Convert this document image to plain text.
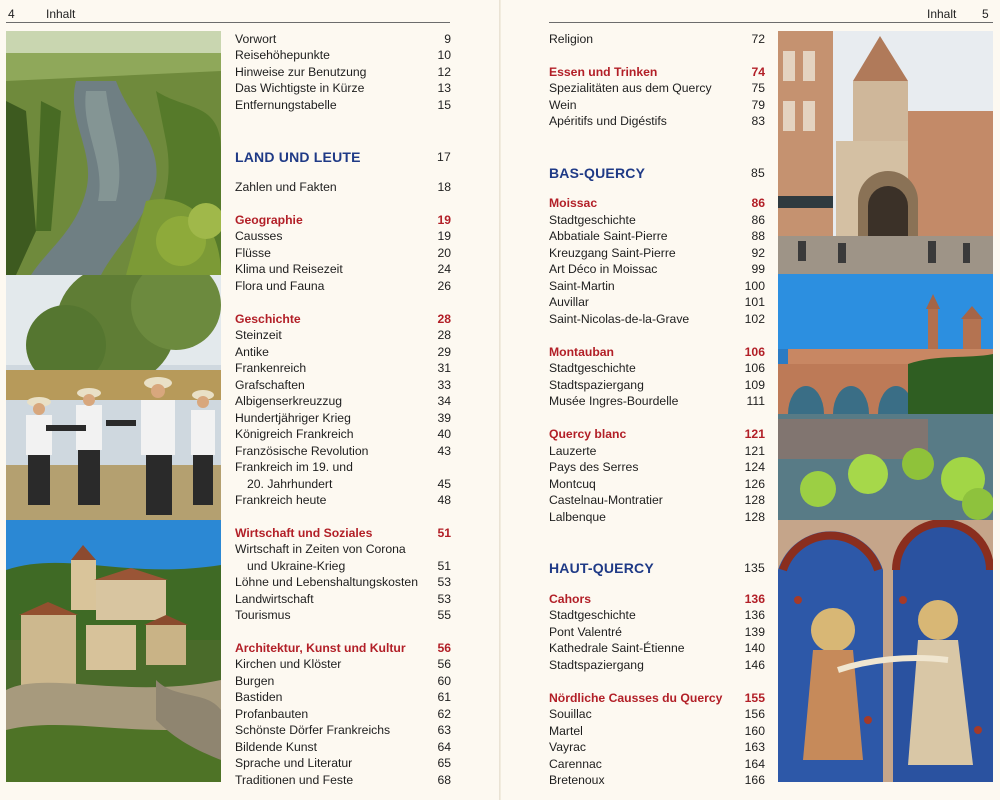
4	Inhalt	Inhalt 5
Vorwort	9
Reisehöhepunkte	10
Hinweise zur Benutzung	12
Das Wichtigste in Kürze	13
Entfernungstabelle	15
LAND UND LEUTE	17
Zahlen und Fakten	18
Geographie	19
Causses	19
Flüsse	20
Klima und Reisezeit	24
Flora und Fauna	26
Geschichte	28
Steinzeit	28
Antike	29
Frankenreich	31
Grafschaften	33
Albigenserkreuzzug	34
Hundertjähriger Krieg	39
Königreich Frankreich	40
Französische Revolution	43
Frankreich im 19. und
20. Jahrhundert	45
Frankreich heute	48
Wirtschaft und Soziales	51
Wirtschaft in Zeiten von Corona
und Ukraine-Krieg	51
Löhne und Lebenshaltungskosten 53
Landwirtschaft	53
Tourismus	55
Architektur, Kunst und Kultur	56
Kirchen und Klöster	56
Burgen	60
Bastiden	61
Profanbauten	62
Schönste Dörfer Frankreichs	63
Bildende Kunst	64
Sprache und Literatur	65
Traditionen und Feste	68
Religion	72
Essen und Trinken	74
Spezialitäten aus dem Quercy	75
Wein	79
Apéritifs und Digéstifs	83
BAS-QUERCY	85
Moissac	86
Stadtgeschichte	86
Abbatiale Saint-Pierre	88
Kreuzgang Saint-Pierre	92
Art Déco in Moissac	99
Saint-Martin	100
Auvillar	101
Saint-Nicolas-de-la-Grave	102
Montauban	106
Stadtgeschichte	106
Stadtspaziergang	109
Musée Ingres-Bourdelle	111
Quercy blanc	121
Lauzerte	121
Pays des Serres	124
Montcuq	126
Castelnau-Montratier	128
Lalbenque	128
HAUT-QUERCY	135
Cahors	136
Stadtgeschichte	136
Pont Valentré	139
Kathedrale Saint-Étienne	140
Stadtspaziergang	146
Nördliche Causses du Quercy 155
Souillac	156
Martel	160
Vayrac	163
Carennac	164
Bretenoux	166
